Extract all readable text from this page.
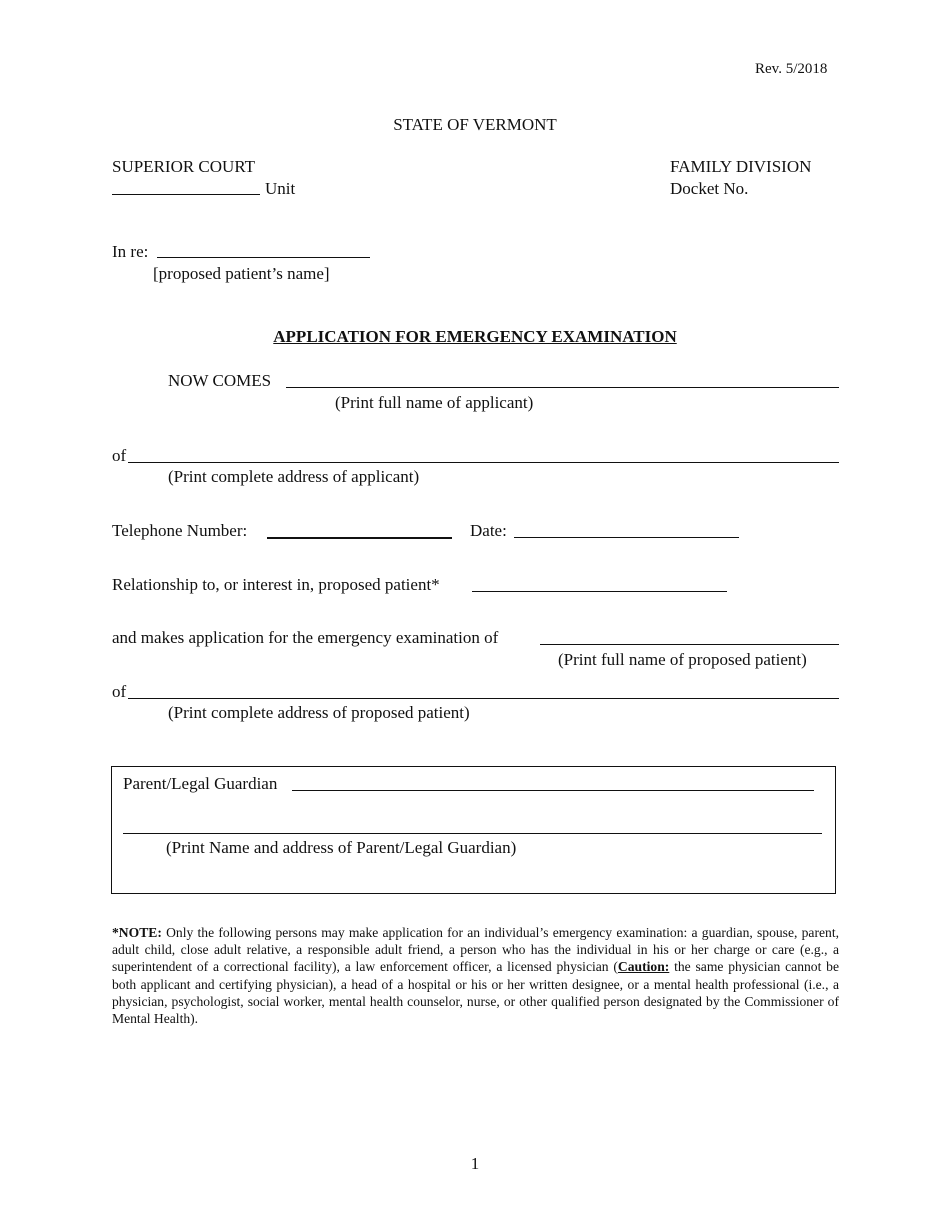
Rev. 5/2018
STATE OF VERMONT
SUPERIOR COURT
Unit
FAMILY DIVISION
Docket No.
In re:
[proposed patient’s name]
APPLICATION FOR EMERGENCY EXAMINATION
NOW COMES
(Print full name of applicant)
of
(Print complete address of applicant)
Telephone Number:	Date:
Relationship to, or interest in, proposed patient*
and makes application for the emergency examination of
(Print full name of proposed patient)
of
(Print complete address of proposed patient)
Parent/Legal Guardian
(Print Name and address of Parent/Legal Guardian)
*NOTE: Only the following persons may make application for an individual’s emergency examination: a guardian, spouse, parent, adult child, close adult relative, a responsible adult friend, a person who has the individual in his or her charge or care (e.g., a superintendent of a correctional facility), a law enforcement officer, a licensed physician (Caution: the same physician cannot be both applicant and certifying physician), a head of a hospital or his or her written designee, or a mental health professional (i.e., a physician, psychologist, social worker, mental health counselor, nurse, or other qualified person designated by the Commissioner of Mental Health).
1
